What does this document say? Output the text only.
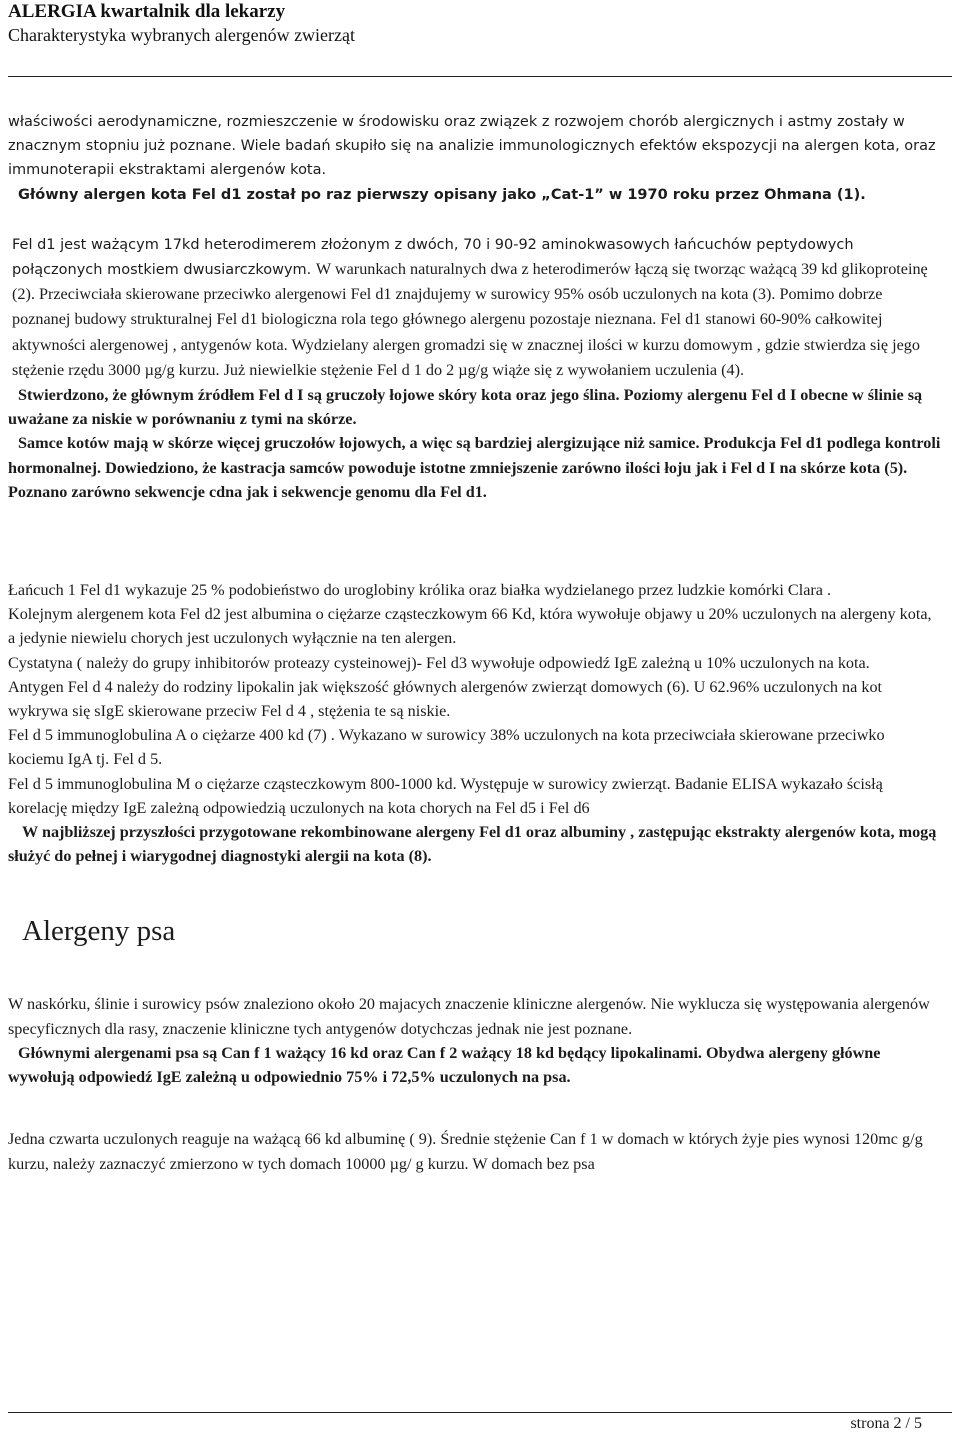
ALERGIA kwartalnik dla lekarzy
Charakterystyka wybranych alergenów zwierząt

właściwości aerodynamiczne, rozmieszczenie w środowisku oraz związek z rozwojem chorób alergicznych i astmy zostały w znacznym stopniu już poznane. Wiele badań skupiło się na analizie immunologicznych efektów ekspozycji na alergen kota, oraz immunoterapii ekstraktami alergenów kota.

Główny alergen kota Fel d1 został po raz pierwszy opisany jako „Cat-1” w 1970 roku przez Ohmana (1).

Fel d1 jest ważącym 17kd heterodimerem złożonym z dwóch, 70 i 90-92 aminokwasowych łańcuchów peptydowych połączonych mostkiem dwusiarczkowym. W warunkach naturalnych dwa z heterodimerów łączą się tworząc ważącą 39 kd glikoproteinę (2). Przeciwciała skierowane przeciwko alergenowi Fel d1 znajdujemy w surowicy 95% osób uczulonych na kota (3). Pomimo dobrze poznanej budowy strukturalnej Fel d1 biologiczna rola tego głównego alergenu pozostaje nieznana. Fel d1 stanowi 60-90% całkowitej aktywności alergenowej , antygenów kota. Wydzielany alergen gromadzi się w znacznej ilości w kurzu domowym , gdzie stwierdza się jego stężenie rzędu 3000 µg/g kurzu. Już niewielkie stężenie Fel d 1 do 2 µg/g wiąże się z wywołaniem uczulenia (4).

Stwierdzono, że głównym źródłem Fel d I są gruczoły łojowe skóry kota oraz jego ślina. Poziomy alergenu Fel d I obecne w ślinie są uważane za niskie w porównaniu z tymi na skórze.

Samce kotów mają w skórze więcej gruczołów łojowych, a więc są bardziej alergizujące niż samice. Produkcja Fel d1 podlega kontroli hormonalnej. Dowiedziono, że kastracja samców powoduje istotne zmniejszenie zarówno ilości łoju jak i Fel d I na skórze kota (5). Poznano zarówno sekwencje cdna jak i sekwencje genomu dla Fel d1.

Łańcuch 1 Fel d1 wykazuje 25 % podobieństwo do uroglobiny królika oraz białka wydzielanego przez ludzkie komórki Clara .

Kolejnym alergenem kota Fel d2 jest albumina o ciężarze cząsteczkowym 66 Kd, która wywołuje objawy u 20% uczulonych na alergeny kota, a jedynie niewielu chorych jest uczulonych wyłącznie na ten alergen.

Cystatyna ( należy do grupy inhibitorów proteazy cysteinowej)- Fel d3 wywołuje odpowiedź IgE zależną u 10% uczulonych na kota.

Antygen Fel d 4 należy do rodziny lipokalin jak większość głównych alergenów zwierząt domowych (6). U 62.96% uczulonych na kot wykrywa się sIgE skierowane przeciw Fel d 4 , stężenia te są niskie.

Fel d 5 immunoglobulina A o ciężarze 400 kd (7) . Wykazano w surowicy 38% uczulonych na kota przeciwciała skierowane przeciwko kociemu IgA tj. Fel d 5.

Fel d 5 immunoglobulina M o ciężarze cząsteczkowym 800-1000 kd. Występuje w surowicy zwierząt. Badanie ELISA wykazało ścisłą korelację między IgE zależną odpowiedzią uczulonych na kota chorych na Fel d5 i Fel d6

W najbliższej przyszłości przygotowane rekombinowane alergeny Fel d1 oraz albuminy , zastępując ekstrakty alergenów kota, mogą służyć do pełnej i wiarygodnej diagnostyki alergii na kota (8).

Alergeny psa

W naskórku, ślinie i surowicy psów znaleziono około 20 majacych znaczenie kliniczne alergenów. Nie wyklucza się występowania alergenów specyficznych dla rasy, znaczenie kliniczne tych antygenów dotychczas jednak nie jest poznane.

Głównymi alergenami psa są Can f 1 ważący 16 kd oraz Can f 2 ważący 18 kd będący lipokalinami. Obydwa alergeny główne wywołują odpowiedź IgE zależną u odpowiednio 75% i 72,5% uczulonych na psa.

Jedna czwarta uczulonych reaguje na ważącą 66 kd albuminę ( 9). Średnie stężenie Can f 1 w domach w których żyje pies wynosi 120mc g/g kurzu, należy zaznaczyć zmierzono w tych domach 10000 µg/ g kurzu. W domach bez psa

strona 2 / 5
